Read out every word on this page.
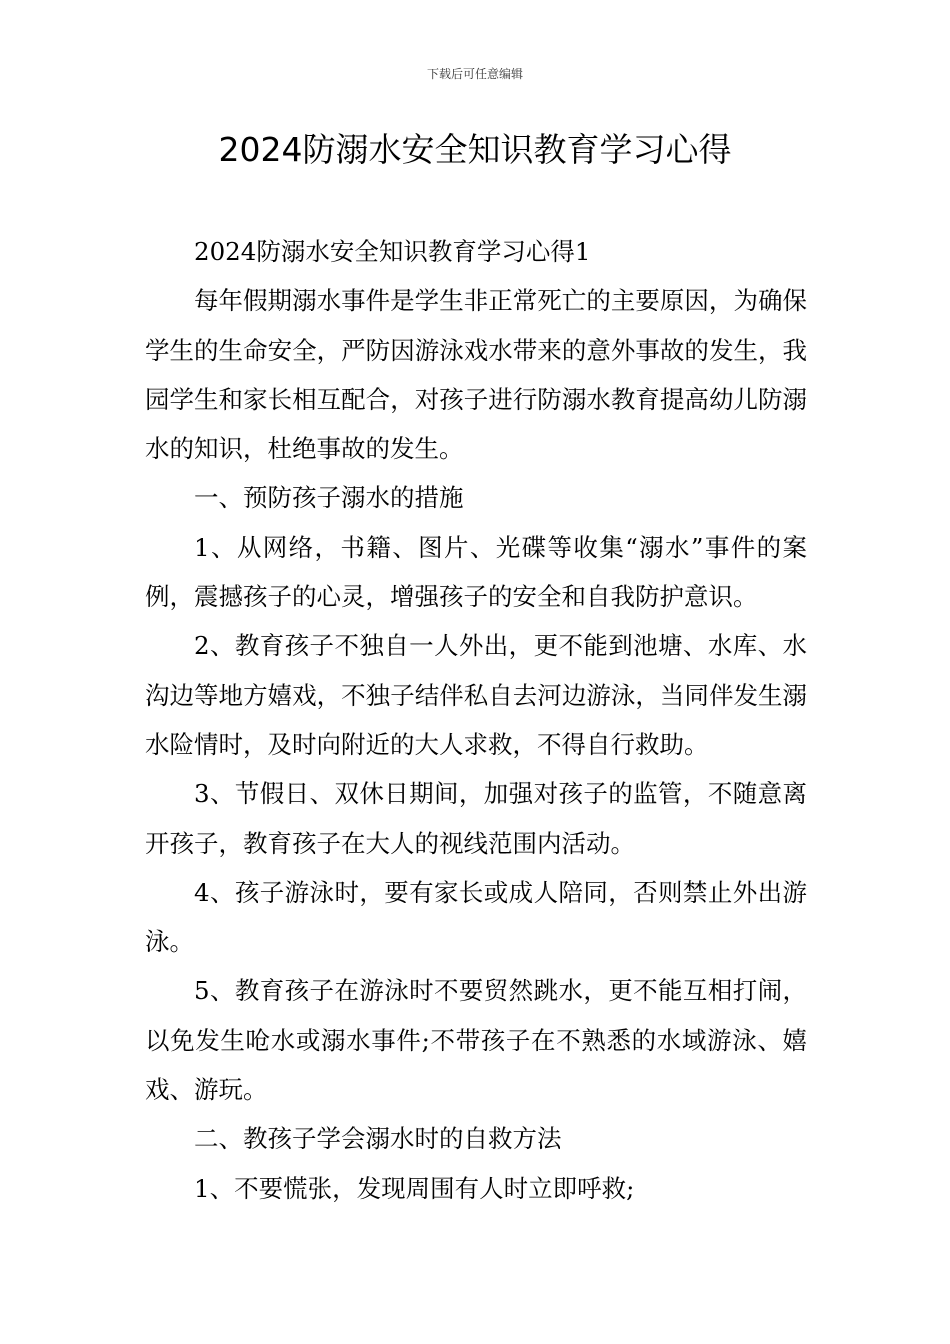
下载后可任意编辑
2024防溺水安全知识教育学习心得

2024防溺水安全知识教育学习心得1

每年假期溺水事件是学生非正常死亡的主要原因，为确保学生的生命安全，严防因游泳戏水带来的意外事故的发生，我园学生和家长相互配合，对孩子进行防溺水教育提高幼儿防溺水的知识，杜绝事故的发生。

一、预防孩子溺水的措施

1、从网络，书籍、图片、光碟等收集“溺水”事件的案例，震撼孩子的心灵，增强孩子的安全和自我防护意识。

2、教育孩子不独自一人外出，更不能到池塘、水库、水沟边等地方嬉戏，不独子结伴私自去河边游泳，当同伴发生溺水险情时，及时向附近的大人求救，不得自行救助。

3、节假日、双休日期间，加强对孩子的监管，不随意离开孩子，教育孩子在大人的视线范围内活动。

4、孩子游泳时，要有家长或成人陪同，否则禁止外出游泳。

5、教育孩子在游泳时不要贸然跳水，更不能互相打闹，以免发生呛水或溺水事件;不带孩子在不熟悉的水域游泳、嬉戏、游玩。

二、教孩子学会溺水时的自救方法

1、不要慌张，发现周围有人时立即呼救;
